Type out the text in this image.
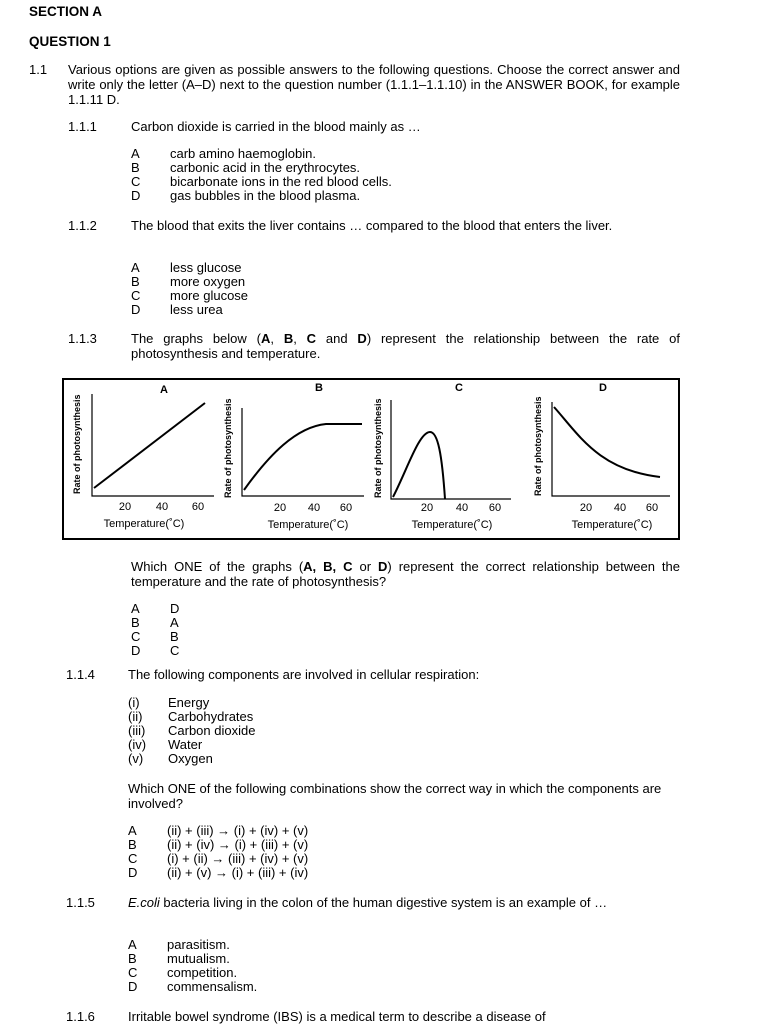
SECTION A
QUESTION 1
1.1 Various options are given as possible answers to the following questions. Choose the correct answer and write only the letter (A–D) next to the question number (1.1.1–1.1.10) in the ANSWER BOOK, for example 1.1.11 D.
1.1.1	Carbon dioxide is carried in the blood mainly as …
A carb amino haemoglobin.
B carbonic acid in the erythrocytes.
C bicarbonate ions in the red blood cells.
D gas bubbles in the blood plasma.
1.1.2	The blood that exits the liver contains … compared to the blood that enters the liver.
A less glucose
B more oxygen
C more glucose
D less urea
1.1.3	The graphs below (A, B, C and D) represent the relationship between the rate of photosynthesis and temperature.
A
Rate of photosynthesis
20 40 60
Temperature(˚C)
B
Rate of photosynthesis
20 40 60
Temperature(˚C)
C
Rate of photosynthesis
20 40 60
Temperature(˚C)
D
Rate of photosynthesis
20 40 60
Temperature(˚C)
Which ONE of the graphs (A, B, C or D) represent the correct relationship between the temperature and the rate of photosynthesis?
A D
B A
C B
D C
1.1.4	The following components are involved in cellular respiration:
(i) Energy
(ii) Carbohydrates
(iii) Carbon dioxide
(iv) Water
(v) Oxygen
Which ONE of the following combinations show the correct way in which the components are involved?
A (ii) + (iii) → (i) + (iv) + (v)
B (ii) + (iv) → (i) + (iii) + (v)
C (i) + (ii) → (iii) + (iv) + (v)
D (ii) + (v) → (i) + (iii) + (iv)
1.1.5	E.coli bacteria living in the colon of the human digestive system is an example of …
A parasitism.
B mutualism.
C competition.
D commensalism.
1.1.6	Irritable bowel syndrome (IBS) is a medical term to describe a disease of
